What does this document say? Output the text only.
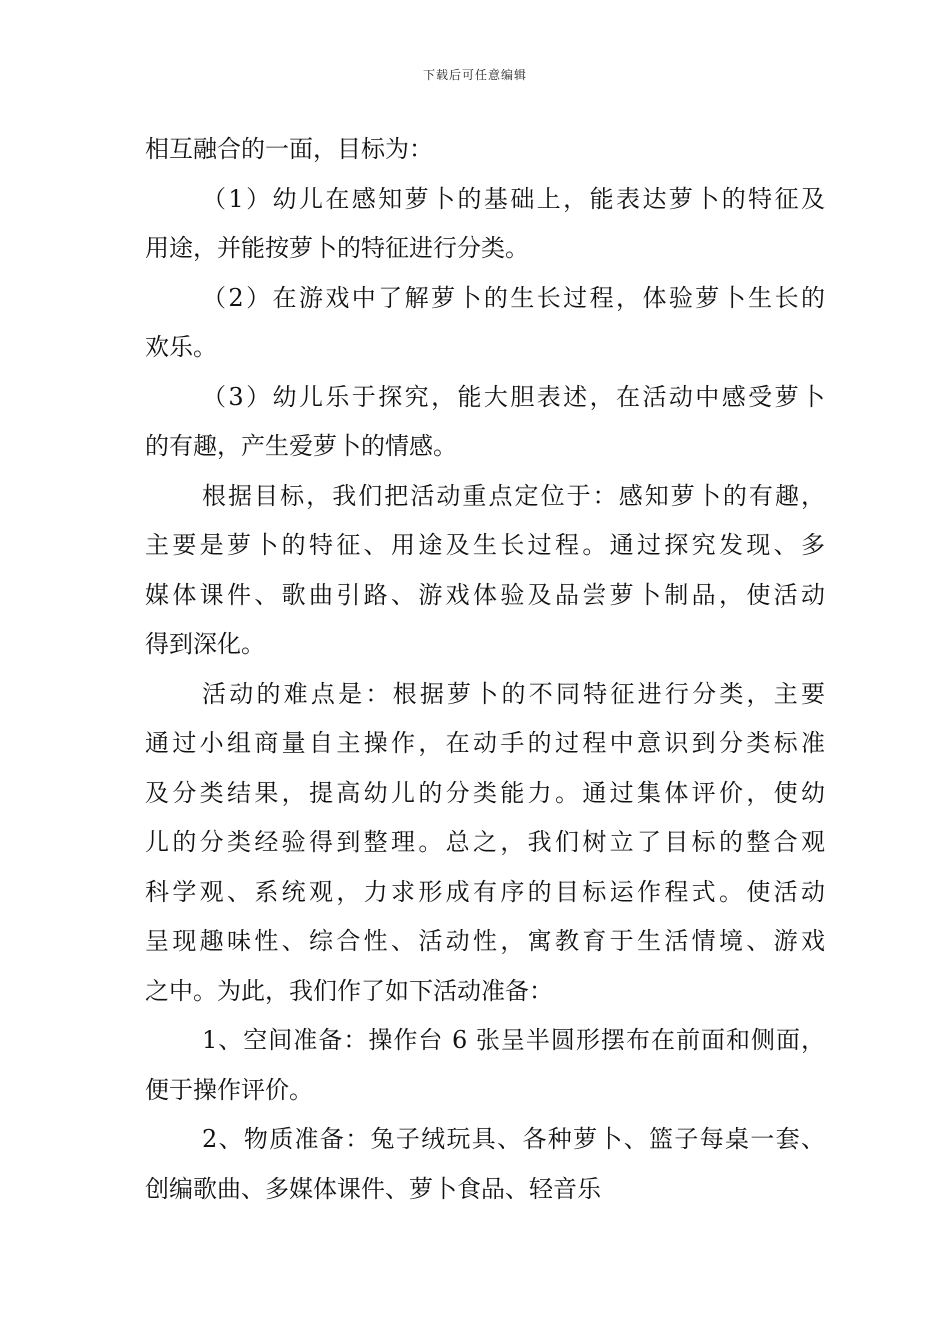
下载后可任意编辑

相互融合的一面，目标为：

（1）幼儿在感知萝卜的基础上，能表达萝卜的特征及
用途，并能按萝卜的特征进行分类。

（2）在游戏中了解萝卜的生长过程，体验萝卜生长的
欢乐。

（3）幼儿乐于探究，能大胆表述，在活动中感受萝卜
的有趣，产生爱萝卜的情感。

根据目标，我们把活动重点定位于：感知萝卜的有趣，
主要是萝卜的特征、用途及生长过程。通过探究发现、多
媒体课件、歌曲引路、游戏体验及品尝萝卜制品，使活动
得到深化。

活动的难点是：根据萝卜的不同特征进行分类，主要
通过小组商量自主操作，在动手的过程中意识到分类标准
及分类结果，提高幼儿的分类能力。通过集体评价，使幼
儿的分类经验得到整理。总之，我们树立了目标的整合观
科学观、系统观，力求形成有序的目标运作程式。使活动
呈现趣味性、综合性、活动性，寓教育于生活情境、游戏
之中。为此，我们作了如下活动准备：

1、空间准备：操作台 6 张呈半圆形摆布在前面和侧面，
便于操作评价。

2、物质准备：兔子绒玩具、各种萝卜、篮子每桌一套、
创编歌曲、多媒体课件、萝卜食品、轻音乐
